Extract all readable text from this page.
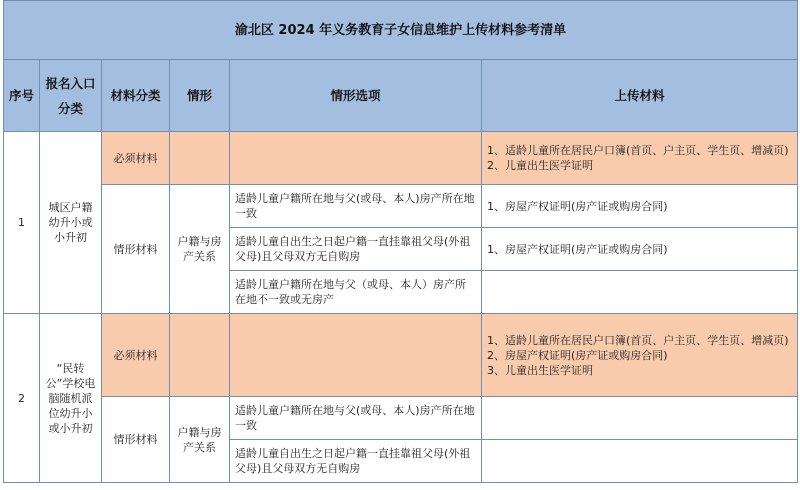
渝北区 2024 年义务教育子女信息维护上传材料参考清单					
序号	报名入口分类	材料分类	情形	情形选项	上传材料
1	城区户籍幼升小或小升初	必须材料			1、适龄儿童所在居民户口簿(首页、户主页、学生页、增减页)
2、儿童出生医学证明

		情形材料	户籍与房产关系	适龄儿童户籍所在地与父(或母、本人)房产所在地一致	1、房屋产权证明(房产证或购房合同)
				适龄儿童自出生之日起户籍一直挂靠祖父母(外祖父母)且父母双方无自购房	1、房屋产权证明(房产证或购房合同)
				适龄儿童户籍所在地与父（或母、本人）房产所在地不一致或无房产	
2	“民转公”学校电脑随机派位幼升小或小升初	必须材料			1、适龄儿童所在居民户口簿(首页、户主页、学生页、增减页)
2、房屋产权证明(房产证或购房合同)
3、儿童出生医学证明

		情形材料	户籍与房产关系	适龄儿童户籍所在地与父(或母、本人)房产所在地一致	
				适龄儿童自出生之日起户籍一直挂靠祖父母(外祖父母)且父母双方无自购房	
